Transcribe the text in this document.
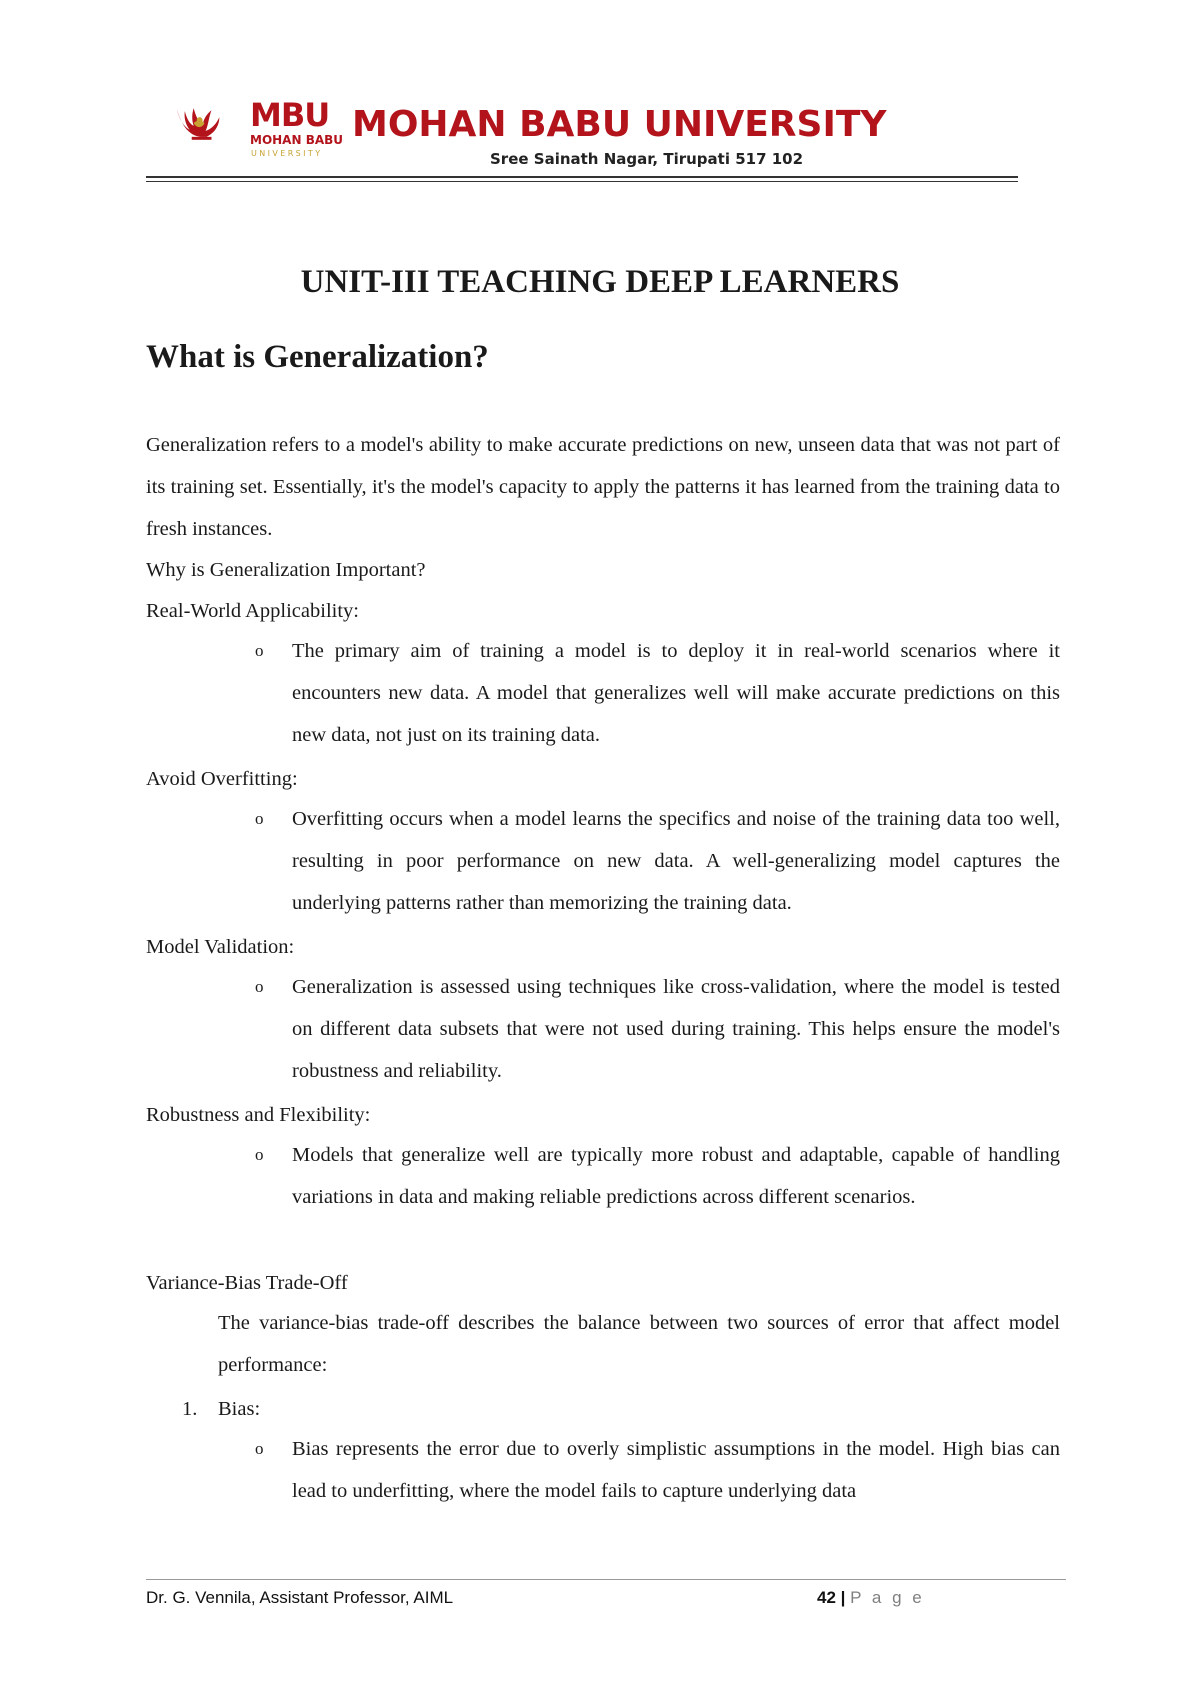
MBU
MOHAN BABU
UNIVERSITY
MOHAN BABU UNIVERSITY
Sree Sainath Nagar, Tirupati 517 102
UNIT-III TEACHING DEEP LEARNERS
What is Generalization?
Generalization refers to a model's ability to make accurate predictions on new, unseen data that was not part of its training set. Essentially, it's the model's capacity to apply the patterns it has learned from the training data to fresh instances.
Why is Generalization Important?
Real-World Applicability:
o The primary aim of training a model is to deploy it in real-world scenarios where it encounters new data. A model that generalizes well will make accurate predictions on this new data, not just on its training data.
Avoid Overfitting:
o Overfitting occurs when a model learns the specifics and noise of the training data too well, resulting in poor performance on new data. A well-generalizing model captures the underlying patterns rather than memorizing the training data.
Model Validation:
o Generalization is assessed using techniques like cross-validation, where the model is tested on different data subsets that were not used during training. This helps ensure the model's robustness and reliability.
Robustness and Flexibility:
o Models that generalize well are typically more robust and adaptable, capable of handling variations in data and making reliable predictions across different scenarios.
Variance-Bias Trade-Off
The variance-bias trade-off describes the balance between two sources of error that affect model performance:
1. Bias:
o Bias represents the error due to overly simplistic assumptions in the model. High bias can lead to underfitting, where the model fails to capture underlying data
Dr. G. Vennila, Assistant Professor, AIML	42 | P a g e
